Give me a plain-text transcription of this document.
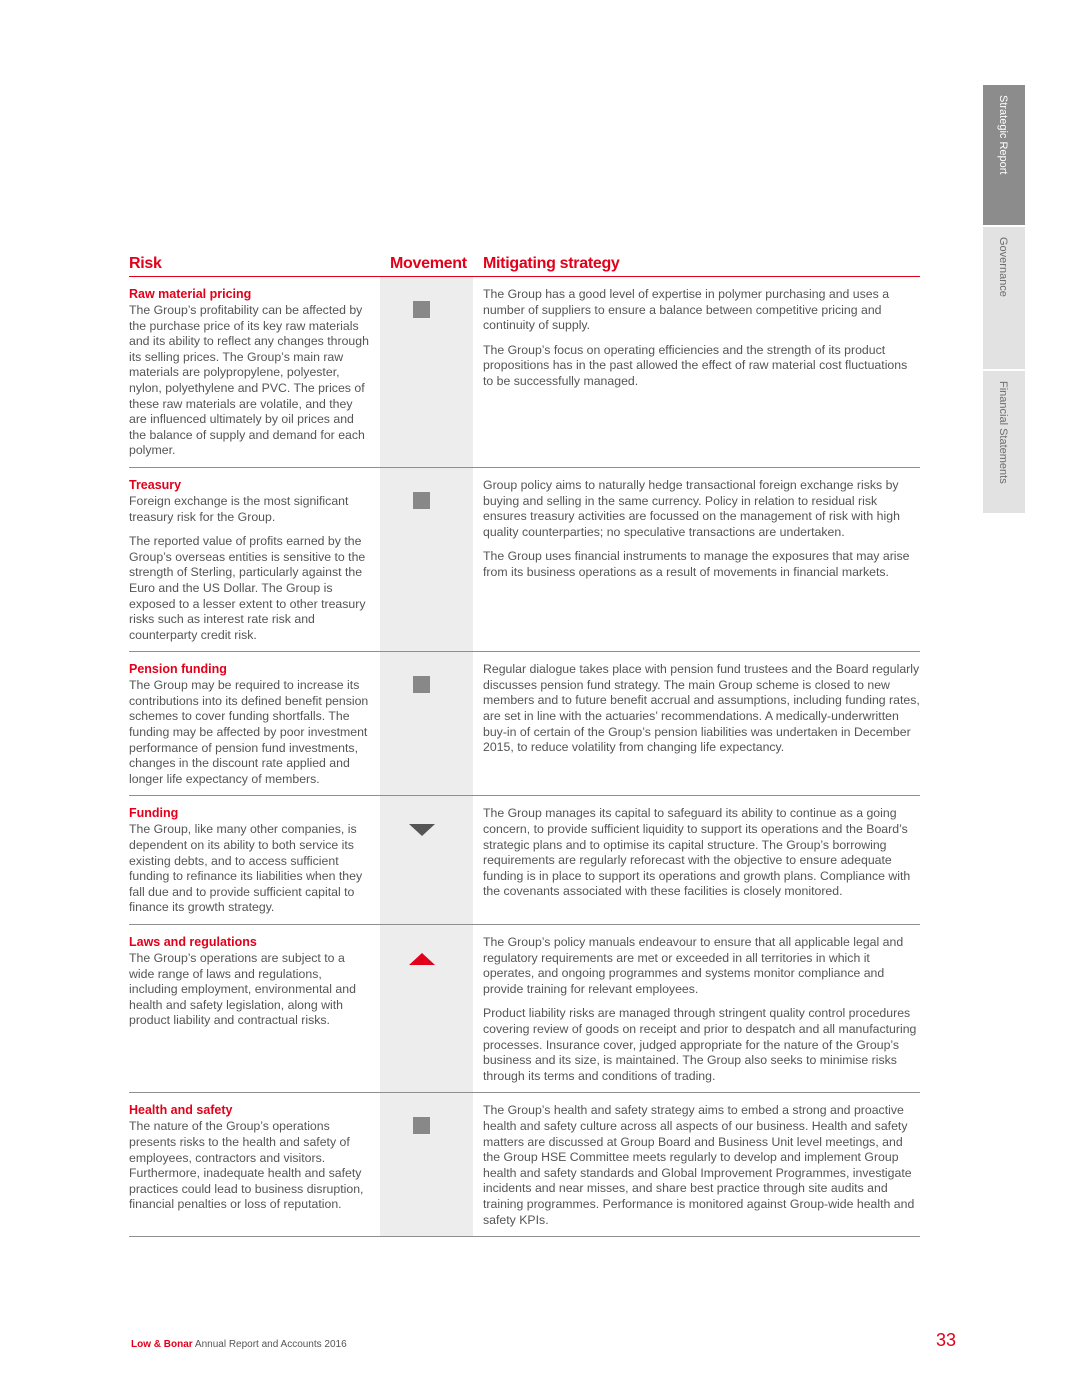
Strategic Report
Governance
Financial Statements
Risk	Movement Mitigating strategy
Raw material pricing

The Group’s profitability can be affected by the purchase price of its key raw materials and its ability to reflect any changes through its selling prices. The Group’s main raw materials are polypropylene, polyester, nylon, polyethylene and PVC. The prices of these raw materials are volatile, and they are influenced ultimately by oil prices and the balance of supply and demand for each polymer.

The Group has a good level of expertise in polymer purchasing and uses a number of suppliers to ensure a balance between competitive pricing and continuity of supply.

The Group’s focus on operating efficiencies and the strength of its product propositions has in the past allowed the effect of raw material cost fluctuations to be successfully managed.

Treasury

Foreign exchange is the most significant treasury risk for the Group.

The reported value of profits earned by the Group’s overseas entities is sensitive to the strength of Sterling, particularly against the Euro and the US Dollar. The Group is exposed to a lesser extent to other treasury risks such as interest rate risk and counterparty credit risk.

Group policy aims to naturally hedge transactional foreign exchange risks by buying and selling in the same currency. Policy in relation to residual risk ensures treasury activities are focussed on the management of risk with high quality counterparties; no speculative transactions are undertaken.

The Group uses financial instruments to manage the exposures that may arise from its business operations as a result of movements in financial markets.

Pension funding

The Group may be required to increase its contributions into its defined benefit pension schemes to cover funding shortfalls. The funding may be affected by poor investment performance of pension fund investments, changes in the discount rate applied and longer life expectancy of members.

Regular dialogue takes place with pension fund trustees and the Board regularly discusses pension fund strategy. The main Group scheme is closed to new members and to future benefit accrual and assumptions, including funding rates, are set in line with the actuaries’ recommendations. A medically-underwritten buy-in of certain of the Group’s pension liabilities was undertaken in December 2015, to reduce volatility from changing life expectancy.

Funding

The Group, like many other companies, is dependent on its ability to both service its existing debts, and to access sufficient funding to refinance its liabilities when they fall due and to provide sufficient capital to finance its growth strategy.

The Group manages its capital to safeguard its ability to continue as a going concern, to provide sufficient liquidity to support its operations and the Board’s strategic plans and to optimise its capital structure. The Group’s borrowing requirements are regularly reforecast with the objective to ensure adequate funding is in place to support its operations and growth plans. Compliance with the covenants associated with these facilities is closely monitored.

Laws and regulations

The Group’s operations are subject to a wide range of laws and regulations, including employment, environmental and health and safety legislation, along with product liability and contractual risks.

The Group’s policy manuals endeavour to ensure that all applicable legal and regulatory requirements are met or exceeded in all territories in which it operates, and ongoing programmes and systems monitor compliance and provide training for relevant employees.

Product liability risks are managed through stringent quality control procedures covering review of goods on receipt and prior to despatch and all manufacturing processes. Insurance cover, judged appropriate for the nature of the Group’s business and its size, is maintained. The Group also seeks to minimise risks through its terms and conditions of trading.

Health and safety

The nature of the Group’s operations presents risks to the health and safety of employees, contractors and visitors. Furthermore, inadequate health and safety practices could lead to business disruption, financial penalties or loss of reputation.

The Group’s health and safety strategy aims to embed a strong and proactive health and safety culture across all aspects of our business. Health and safety matters are discussed at Group Board and Business Unit level meetings, and the Group HSE Committee meets regularly to develop and implement Group health and safety standards and Global Improvement Programmes, investigate incidents and near misses, and share best practice through site audits and training programmes. Performance is monitored against Group-wide health and safety KPIs.

Low & Bonar Annual Report and Accounts 2016	33
